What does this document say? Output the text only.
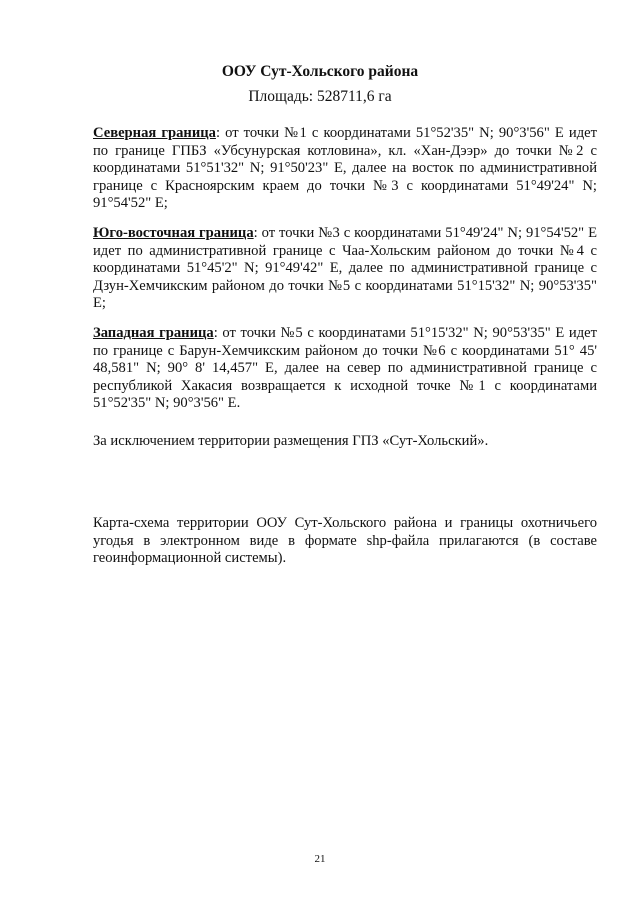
ООУ Сут-Хольского района
Площадь: 528711,6 га

Северная граница: от точки №1 с координатами 51°52'35" N; 90°3'56" E идет по границе ГПБЗ «Убсунурская котловина», кл. «Хан-Дээр» до точки №2 с координатами 51°51'32" N; 91°50'23" E, далее на восток по административной границе с Красноярским краем до точки №3 с координатами 51°49'24" N; 91°54'52" E;

Юго-восточная граница: от точки №3 с координатами 51°49'24" N; 91°54'52" E идет по административной границе с Чаа-Хольским районом до точки №4 с координатами 51°45'2" N; 91°49'42" E, далее по административной границе с Дзун-Хемчикским районом до точки №5 с координатами 51°15'32" N; 90°53'35" E;

Западная граница: от точки №5 с координатами 51°15'32" N; 90°53'35" E идет по границе с Барун-Хемчикским районом до точки №6 с координатами 51° 45' 48,581" N; 90° 8' 14,457" E, далее на север по административной границе с республикой Хакасия возвращается к исходной точке №1 с координатами 51°52'35" N; 90°3'56" E.

За исключением территории размещения ГПЗ «Сут-Хольский».

Карта-схема территории ООУ Сут-Хольского района и границы охотничьего угодья в электронном виде в формате shp-файла прилагаются (в составе геоинформационной системы).

21
